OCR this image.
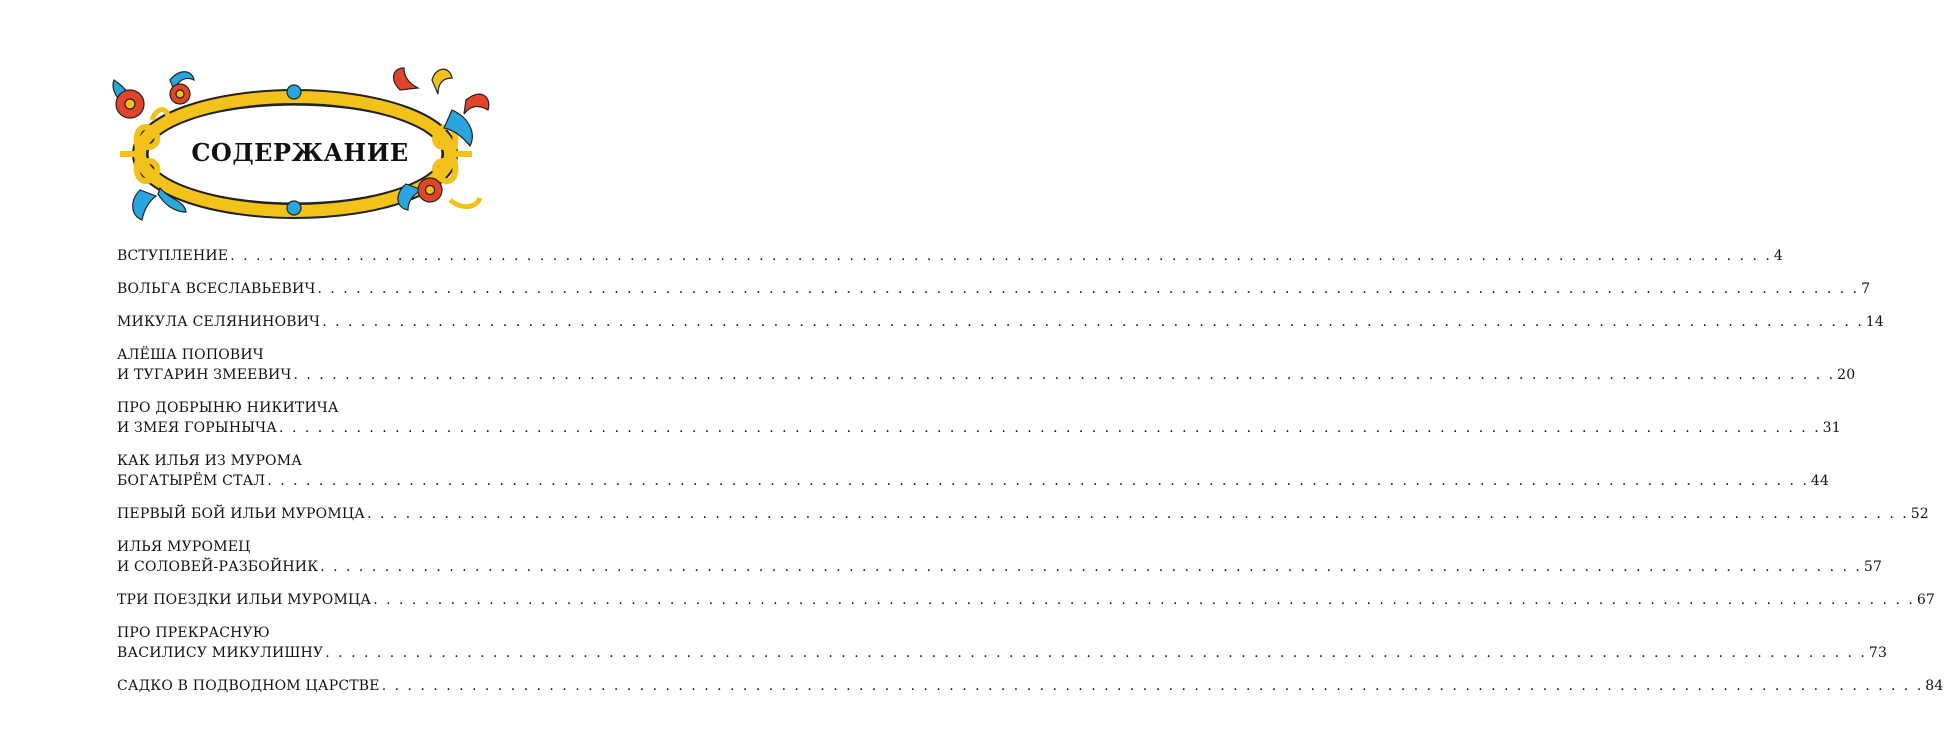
СОДЕРЖАНИЕ
ВСТУПЛЕНИЕ . . . . . . . . . . . . . . . . . . . . . . . . . . . . . . . . . . . . . . . . . . . . . . . . . . . . . . . . . . . . . . . . . . . . . . . . . . . . . . . . . . . . . . . . . . . . . . . . . . . . . . . . . . . . . . . . . . . . . . . . 4
ВОЛЬГА ВСЕСЛАВЬЕВИЧ . . . . . . . . . . . . . . . . . . . . . . . . . . . . . . . . . . . . . . . . . . . . . . . . . . . . . . . . . . . . . . . . . . . . . . . . . . . . . . . . . . . . . . . . . . . . . . . . . . . . . . . . . . . . . . . . . . . . . . . . 7
МИКУЛА СЕЛЯНИНОВИЧ . . . . . . . . . . . . . . . . . . . . . . . . . . . . . . . . . . . . . . . . . . . . . . . . . . . . . . . . . . . . . . . . . . . . . . . . . . . . . . . . . . . . . . . . . . . . . . . . . . . . . . . . . . . . . . . . . . . . . . . . 14
АЛЁША ПОПОВИЧ
И ТУГАРИН ЗМЕЕВИЧ . . . . . . . . . . . . . . . . . . . . . . . . . . . . . . . . . . . . . . . . . . . . . . . . . . . . . . . . . . . . . . . . . . . . . . . . . . . . . . . . . . . . . . . . . . . . . . . . . . . . . . . . . . . . . . . . . . . . . . . . 20
ПРО ДОБРЫНЮ НИКИТИЧА
И ЗМЕЯ ГОРЫНЫЧА . . . . . . . . . . . . . . . . . . . . . . . . . . . . . . . . . . . . . . . . . . . . . . . . . . . . . . . . . . . . . . . . . . . . . . . . . . . . . . . . . . . . . . . . . . . . . . . . . . . . . . . . . . . . . . . . . . . . . . . . 31
КАК ИЛЬЯ ИЗ МУРОМА
БОГАТЫРЁМ СТАЛ . . . . . . . . . . . . . . . . . . . . . . . . . . . . . . . . . . . . . . . . . . . . . . . . . . . . . . . . . . . . . . . . . . . . . . . . . . . . . . . . . . . . . . . . . . . . . . . . . . . . . . . . . . . . . . . . . . . . . . . . 44
ПЕРВЫЙ БОЙ ИЛЬИ МУРОМЦА . . . . . . . . . . . . . . . . . . . . . . . . . . . . . . . . . . . . . . . . . . . . . . . . . . . . . . . . . . . . . . . . . . . . . . . . . . . . . . . . . . . . . . . . . . . . . . . . . . . . . . . . . . . . . . . . . . . . . . . . 52
ИЛЬЯ МУРОМЕЦ
И СОЛОВЕЙ-РАЗБОЙНИК . . . . . . . . . . . . . . . . . . . . . . . . . . . . . . . . . . . . . . . . . . . . . . . . . . . . . . . . . . . . . . . . . . . . . . . . . . . . . . . . . . . . . . . . . . . . . . . . . . . . . . . . . . . . . . . . . . . . . . . . 57
ТРИ ПОЕЗДКИ ИЛЬИ МУРОМЦА . . . . . . . . . . . . . . . . . . . . . . . . . . . . . . . . . . . . . . . . . . . . . . . . . . . . . . . . . . . . . . . . . . . . . . . . . . . . . . . . . . . . . . . . . . . . . . . . . . . . . . . . . . . . . . . . . . . . . . . . 67
ПРО ПРЕКРАСНУЮ
ВАСИЛИСУ МИКУЛИШНУ . . . . . . . . . . . . . . . . . . . . . . . . . . . . . . . . . . . . . . . . . . . . . . . . . . . . . . . . . . . . . . . . . . . . . . . . . . . . . . . . . . . . . . . . . . . . . . . . . . . . . . . . . . . . . . . . . . . . . . . . 73
САДКО В ПОДВОДНОМ ЦАРСТВЕ . . . . . . . . . . . . . . . . . . . . . . . . . . . . . . . . . . . . . . . . . . . . . . . . . . . . . . . . . . . . . . . . . . . . . . . . . . . . . . . . . . . . . . . . . . . . . . . . . . . . . . . . . . . . . . . . . . . . . . . . 84
